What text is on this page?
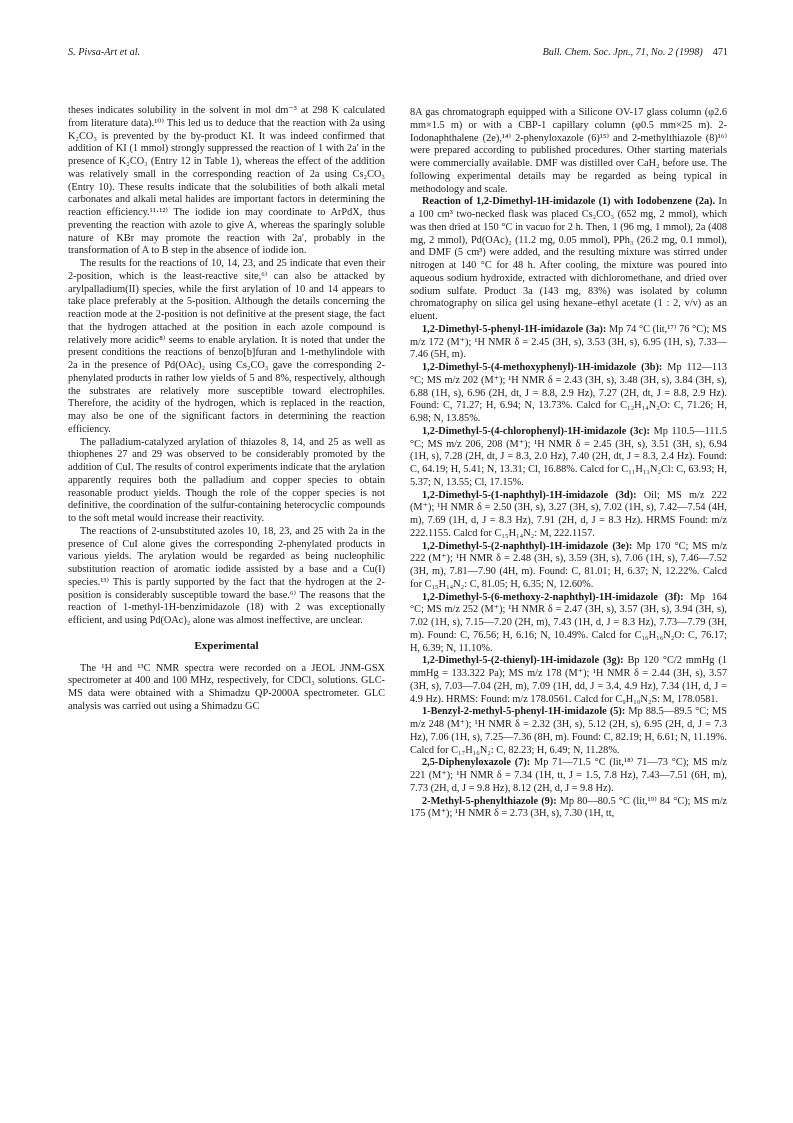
S. Pivsa-Art et al.	Bull. Chem. Soc. Jpn., 71, No. 2 (1998) 471

theses indicates solubility in the solvent in mol dm⁻³ at 298 K calculated from literature data).¹⁰⁾ This led us to deduce that the reaction with 2a using K₂CO₃ is prevented by the by-product KI. It was indeed confirmed that addition of KI (1 mmol) strongly suppressed the reaction of 1 with 2a′ in the presence of K₂CO₃ (Entry 12 in Table 1), whereas the effect of the addition was relatively small in the corresponding reaction of 2a using Cs₂CO₃ (Entry 10). These results indicate that the solubilities of both alkali metal carbonates and alkali metal halides are important factors in determining the reaction efficiency.¹¹·¹²⁾ The iodide ion may coordinate to ArPdX, thus preventing the reaction with azole to give A, whereas the sparingly soluble nature of KBr may promote the reaction with 2a′, probably in the transformation of A to B step in the absence of iodide ion.

The results for the reactions of 10, 14, 23, and 25 indicate that even their 2-position, which is the least-reactive site,⁶⁾ can also be attacked by arylpalladium(II) species, while the first arylation of 10 and 14 appears to take place preferably at the 5-position. Although the details concerning the reaction mode at the 2-position is not definitive at the present stage, the fact that the hydrogen attached at the position in each azole compound is relatively more acidic⁸⁾ seems to enable arylation. It is noted that under the present conditions the reactions of benzo[b]furan and 1-methylindole with 2a in the presence of Pd(OAc)₂ using Cs₂CO₃ gave the corresponding 2-phenylated products in rather low yields of 5 and 8%, respectively, although the substrates are relatively more susceptible toward electrophiles. Therefore, the acidity of the hydrogen, which is replaced in the reaction, may also be one of the significant factors in determining the reaction efficiency.

The palladium-catalyzed arylation of thiazoles 8, 14, and 25 as well as thiophenes 27 and 29 was observed to be considerably promoted by the addition of CuI. The results of control experiments indicate that the arylation apparently requires both the palladium and copper species to obtain reasonable product yields. Though the role of the copper species is not definitive, the coordination of the sulfur-containing heterocyclic compounds to the soft metal would increase their reactivity.

The reactions of 2-unsubstituted azoles 10, 18, 23, and 25 with 2a in the presence of CuI alone gives the corresponding 2-phenylated products in various yields. The arylation would be regarded as being nucleophilic substitution reaction of aromatic iodide assisted by a base and a Cu(I) species.¹³⁾ This is partly supported by the fact that the hydrogen at the 2-position is considerably susceptible toward the base.⁶⁾ The reasons that the reaction of 1-methyl-1H-benzimidazole (18) with 2 was exceptionally efficient, and using Pd(OAc)₂ alone was almost ineffective, are unclear.

Experimental

The ¹H and ¹³C NMR spectra were recorded on a JEOL JNM-GSX spectrometer at 400 and 100 MHz, respectively, for CDCl₃ solutions. GLC-MS data were obtained with a Shimadzu QP-2000A spectrometer. GLC analysis was carried out using a Shimadzu GC

8A gas chromatograph equipped with a Silicone OV-17 glass column (φ2.6 mm×1.5 m) or with a CBP-1 capillary column (φ0.5 mm×25 m). 2-Iodonaphthalene (2e),¹⁴⁾ 2-phenyloxazole (6)¹⁵⁾ and 2-methylthiazole (8)¹⁶⁾ were prepared according to published procedures. Other starting materials were commercially available. DMF was distilled over CaH₂ before use. The following experimental details may be regarded as being typical in methodology and scale.

Reaction of 1,2-Dimethyl-1H-imidazole (1) with Iodobenzene (2a). In a 100 cm³ two-necked flask was placed Cs₂CO₃ (652 mg, 2 mmol), which was then dried at 150 °C in vacuo for 2 h. Then, 1 (96 mg, 1 mmol), 2a (408 mg, 2 mmol), Pd(OAc)₂ (11.2 mg, 0.05 mmol), PPh₃ (26.2 mg, 0.1 mmol), and DMF (5 cm³) were added, and the resulting mixture was stirred under nitrogen at 140 °C for 48 h. After cooling, the mixture was poured into aqueous sodium hydroxide, extracted with dichloromethane, and dried over sodium sulfate. Product 3a (143 mg, 83%) was isolated by column chromatography on silica gel using hexane–ethyl acetate (1 : 2, v/v) as an eluent.

1,2-Dimethyl-5-phenyl-1H-imidazole (3a): Mp 74 °C (lit,¹⁷⁾ 76 °C); MS m/z 172 (M⁺); ¹H NMR δ = 2.45 (3H, s), 3.53 (3H, s), 6.95 (1H, s), 7.33—7.46 (5H, m).

1,2-Dimethyl-5-(4-methoxyphenyl)-1H-imidazole (3b): Mp 112—113 °C; MS m/z 202 (M⁺); ¹H NMR δ = 2.43 (3H, s), 3.48 (3H, s), 3.84 (3H, s), 6.88 (1H, s), 6.96 (2H, dt, J = 8.8, 2.9 Hz), 7.27 (2H, dt, J = 8.8, 2.9 Hz). Found: C, 71.27; H, 6.94; N, 13.73%. Calcd for C₁₂H₁₄N₂O: C, 71.26; H, 6.98; N, 13.85%.

1,2-Dimethyl-5-(4-chlorophenyl)-1H-imidazole (3c): Mp 110.5—111.5 °C; MS m/z 206, 208 (M⁺); ¹H NMR δ = 2.45 (3H, s), 3.51 (3H, s), 6.94 (1H, s), 7.28 (2H, dt, J = 8.3, 2.0 Hz), 7.40 (2H, dt, J = 8.3, 2.4 Hz). Found: C, 64.19; H, 5.41; N, 13.31; Cl, 16.88%. Calcd for C₁₁H₁₁N₂Cl: C, 63.93; H, 5.37; N, 13.55; Cl, 17.15%.

1,2-Dimethyl-5-(1-naphthyl)-1H-imidazole (3d): Oil; MS m/z 222 (M⁺); ¹H NMR δ = 2.50 (3H, s), 3.27 (3H, s), 7.02 (1H, s), 7.42—7.54 (4H, m), 7.69 (1H, d, J = 8.3 Hz), 7.91 (2H, d, J = 8.3 Hz). HRMS Found: m/z 222.1155. Calcd for C₁₅H₁₄N₂: M, 222.1157.

1,2-Dimethyl-5-(2-naphthyl)-1H-imidazole (3e): Mp 170 °C; MS m/z 222 (M⁺); ¹H NMR δ = 2.48 (3H, s), 3.59 (3H, s), 7.06 (1H, s), 7.46—7.52 (3H, m), 7.81—7.90 (4H, m). Found: C, 81.01; H, 6.37; N, 12.22%. Calcd for C₁₅H₁₄N₂: C, 81.05; H, 6.35; N, 12.60%.

1,2-Dimethyl-5-(6-methoxy-2-naphthyl)-1H-imidazole (3f): Mp 164 °C; MS m/z 252 (M⁺); ¹H NMR δ = 2.47 (3H, s), 3.57 (3H, s), 3.94 (3H, s), 7.02 (1H, s), 7.15—7.20 (2H, m), 7.43 (1H, d, J = 8.3 Hz), 7.73—7.79 (3H, m). Found: C, 76.56; H, 6.16; N, 10.49%. Calcd for C₁₆H₁₆N₂O: C, 76.17; H, 6.39; N, 11.10%.

1,2-Dimethyl-5-(2-thienyl)-1H-imidazole (3g): Bp 120 °C/2 mmHg (1 mmHg = 133.322 Pa); MS m/z 178 (M⁺); ¹H NMR δ = 2.44 (3H, s), 3.57 (3H, s), 7.03—7.04 (2H, m), 7.09 (1H, dd, J = 3.4, 4.9 Hz), 7.34 (1H, d, J = 4.9 Hz). HRMS: Found: m/z 178.0561. Calcd for C₉H₁₀N₂S: M, 178.0581.

1-Benzyl-2-methyl-5-phenyl-1H-imidazole (5): Mp 88.5—89.5 °C; MS m/z 248 (M⁺); ¹H NMR δ = 2.32 (3H, s), 5.12 (2H, s), 6.95 (2H, d, J = 7.3 Hz), 7.06 (1H, s), 7.25—7.36 (8H, m). Found: C, 82.19; H, 6.61; N, 11.19%. Calcd for C₁₇H₁₆N₂: C, 82.23; H, 6.49; N, 11.28%.

2,5-Diphenyloxazole (7): Mp 71—71.5 °C (lit,¹⁸⁾ 71—73 °C); MS m/z 221 (M⁺); ¹H NMR δ = 7.34 (1H, tt, J = 1.5, 7.8 Hz), 7.43—7.51 (6H, m), 7.73 (2H, d, J = 9.8 Hz), 8.12 (2H, d, J = 9.8 Hz).

2-Methyl-5-phenylthiazole (9): Mp 80—80.5 °C (lit,¹⁹⁾ 84 °C); MS m/z 175 (M⁺); ¹H NMR δ = 2.73 (3H, s), 7.30 (1H, tt,
